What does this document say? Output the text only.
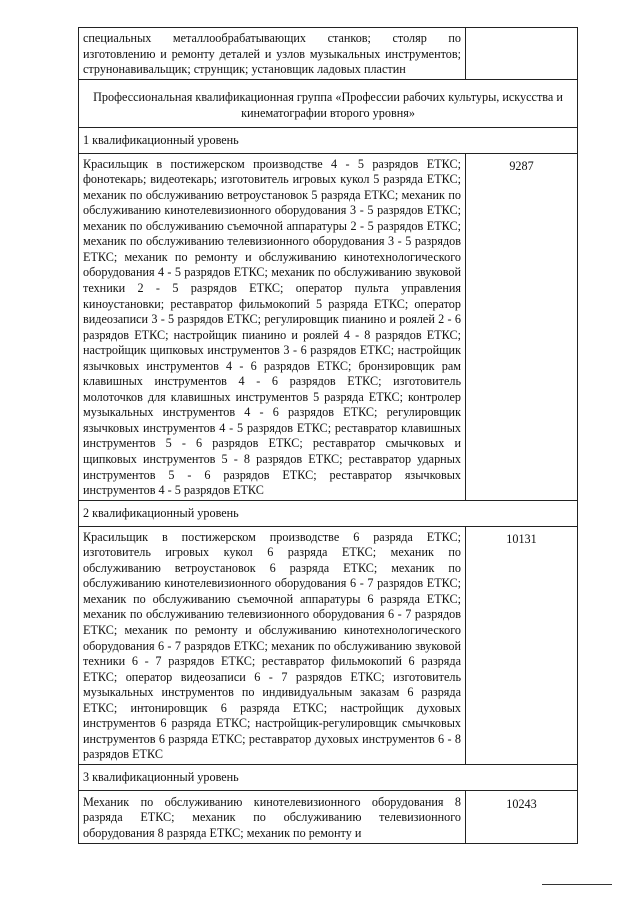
специальных металлообрабатывающих станков; столяр по изготовлению и ремонту деталей и узлов музыкальных инструментов; струнонавивальщик; струнщик; установщик ладовых пластин	

Профессиональная квалификационная группа «Профессии рабочих культуры, искусства и кинематографии второго уровня»	

1 квалификационный уровень	

Красильщик в постижерском производстве 4 - 5 разрядов ЕТКС; фонотекарь; видеотекарь; изготовитель игровых кукол 5 разряда ЕТКС; механик по обслуживанию ветроустановок 5 разряда ЕТКС; механик по обслуживанию кинотелевизионного оборудования 3 - 5 разрядов ЕТКС; механик по обслуживанию съемочной аппаратуры 2 - 5 разрядов ЕТКС; механик по обслуживанию телевизионного оборудования 3 - 5 разрядов ЕТКС; механик по ремонту и обслуживанию кинотехнологического оборудования 4 - 5 разрядов ЕТКС; механик по обслуживанию звуковой техники 2 - 5 разрядов ЕТКС; оператор пульта управления киноустановки; реставратор фильмокопий 5 разряда ЕТКС; оператор видеозаписи 3 - 5 разрядов ЕТКС; регулировщик пианино и роялей 2 - 6 разрядов ЕТКС; настройщик пианино и роялей 4 - 8 разрядов ЕТКС; настройщик щипковых инструментов 3 - 6 разрядов ЕТКС; настройщик язычковых инструментов 4 - 6 разрядов ЕТКС; бронзировщик рам клавишных инструментов 4 - 6 разрядов ЕТКС; изготовитель молоточков для клавишных инструментов 5 разряда ЕТКС; контролер музыкальных инструментов 4 - 6 разрядов ЕТКС; регулировщик язычковых инструментов 4 - 5 разрядов ЕТКС; реставратор клавишных инструментов 5 - 6 разрядов ЕТКС; реставратор смычковых и щипковых инструментов 5 - 8 разрядов ЕТКС; реставратор ударных инструментов 5 - 6 разрядов ЕТКС; реставратор язычковых инструментов 4 - 5 разрядов ЕТКС	9287

2 квалификационный уровень	

Красильщик в постижерском производстве 6 разряда ЕТКС; изготовитель игровых кукол 6 разряда ЕТКС; механик по обслуживанию ветроустановок 6 разряда ЕТКС; механик по обслуживанию кинотелевизионного оборудования 6 - 7 разрядов ЕТКС; механик по обслуживанию съемочной аппаратуры 6 разряда ЕТКС; механик по обслуживанию телевизионного оборудования 6 - 7 разрядов ЕТКС; механик по ремонту и обслуживанию кинотехнологического оборудования 6 - 7 разрядов ЕТКС; механик по обслуживанию звуковой техники 6 - 7 разрядов ЕТКС; реставратор фильмокопий 6 разряда ЕТКС; оператор видеозаписи 6 - 7 разрядов ЕТКС; изготовитель музыкальных инструментов по индивидуальным заказам 6 разряда ЕТКС; интонировщик 6 разряда ЕТКС; настройщик духовых инструментов 6 разряда ЕТКС; настройщик-регулировщик смычковых инструментов 6 разряда ЕТКС; реставратор духовых инструментов 6 - 8 разрядов ЕТКС	10131

3 квалификационный уровень	

Механик по обслуживанию кинотелевизионного оборудования 8 разряда ЕТКС; механик по обслуживанию телевизионного оборудования 8 разряда ЕТКС; механик по ремонту и	10243
